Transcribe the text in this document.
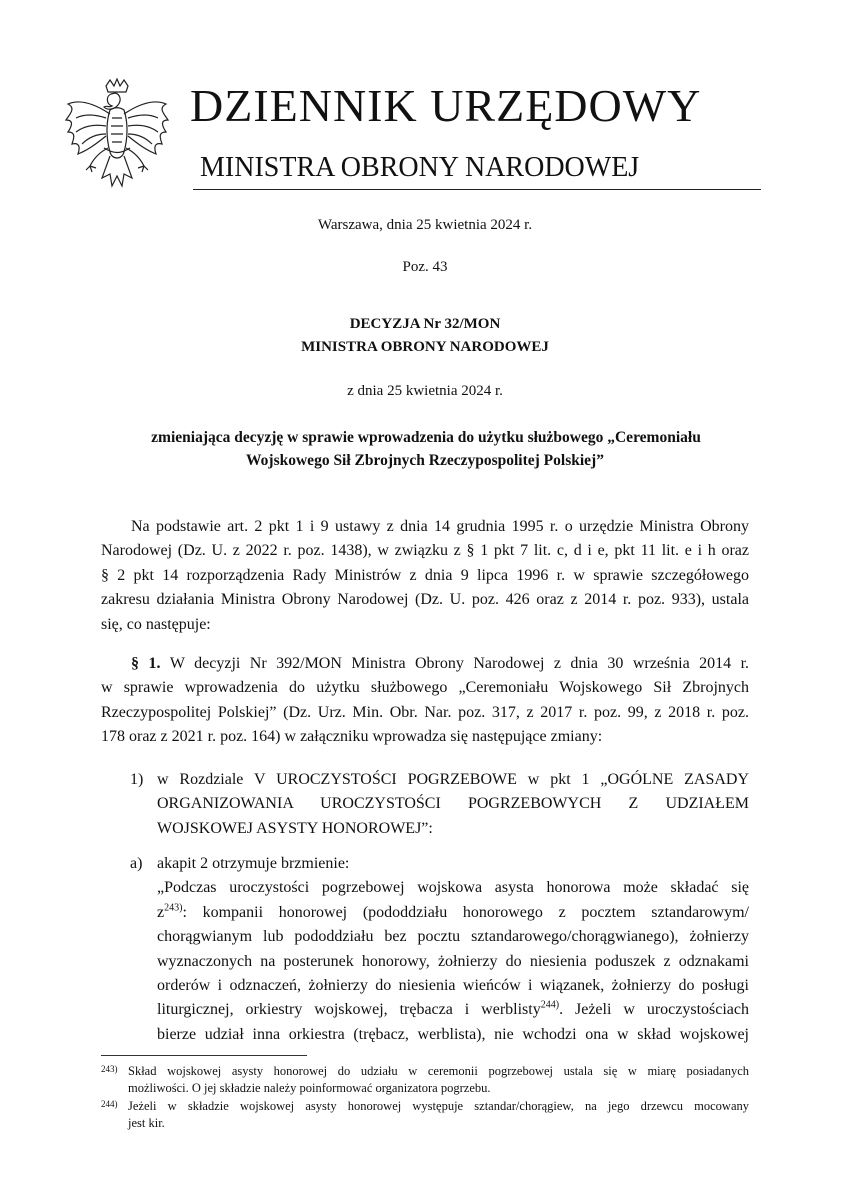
DZIENNIK URZĘDOWY
MINISTRA OBRONY NARODOWEJ
Warszawa, dnia 25 kwietnia 2024 r.
Poz. 43
DECYZJA Nr 32/MON
MINISTRA OBRONY NARODOWEJ
z dnia 25 kwietnia 2024 r.
zmieniająca decyzję w sprawie wprowadzenia do użytku służbowego „Ceremoniału
Wojskowego Sił Zbrojnych Rzeczypospolitej Polskiej”
Na podstawie art. 2 pkt 1 i 9 ustawy z dnia 14 grudnia 1995 r. o urzędzie Ministra Obrony
Narodowej (Dz. U. z 2022 r. poz. 1438), w związku z § 1 pkt 7 lit. c, d i e, pkt 11 lit. e i h oraz
§ 2 pkt 14 rozporządzenia Rady Ministrów z dnia 9 lipca 1996 r. w sprawie szczegółowego
zakresu działania Ministra Obrony Narodowej (Dz. U. poz. 426 oraz z 2014 r. poz. 933), ustala
się, co następuje:
§ 1. W decyzji Nr 392/MON Ministra Obrony Narodowej z dnia 30 września 2014 r.
w sprawie wprowadzenia do użytku służbowego „Ceremoniału Wojskowego Sił Zbrojnych
Rzeczypospolitej Polskiej” (Dz. Urz. Min. Obr. Nar. poz. 317, z 2017 r. poz. 99, z 2018 r. poz.
178 oraz z 2021 r. poz. 164) w załączniku wprowadza się następujące zmiany:
1) w Rozdziale V UROCZYSTOŚCI POGRZEBOWE w pkt 1 „OGÓLNE ZASADY
ORGANIZOWANIA UROCZYSTOŚCI POGRZEBOWYCH Z UDZIAŁEM
WOJSKOWEJ ASYSTY HONOROWEJ”:
a) akapit 2 otrzymuje brzmienie:
„Podczas uroczystości pogrzebowej wojskowa asysta honorowa może składać się
$z^{243)}$: kompanii honorowej (pododdziału honorowego z pocztem sztandarowym/
chorągwianym lub pododdziału bez pocztu sztandarowego/chorągwianego), żołnierzy
wyznaczonych na posterunek honorowy, żołnierzy do niesienia poduszek z odznakami
orderów i odznaczeń, żołnierzy do niesienia wieńców i wiązanek, żołnierzy do posługi
liturgicznej, orkiestry wojskowej, trębacza i werblisty$^{244)}$. Jeżeli w uroczystościach
bierze udział inna orkiestra (trębacz, werblista), nie wchodzi ona w skład wojskowej
243) Skład wojskowej asysty honorowej do udziału w ceremonii pogrzebowej ustala się w miarę posiadanych
możliwości. O jej składzie należy poinformować organizatora pogrzebu.
244) Jeżeli w składzie wojskowej asysty honorowej występuje sztandar/chorągiew, na jego drzewcu mocowany
jest kir.
